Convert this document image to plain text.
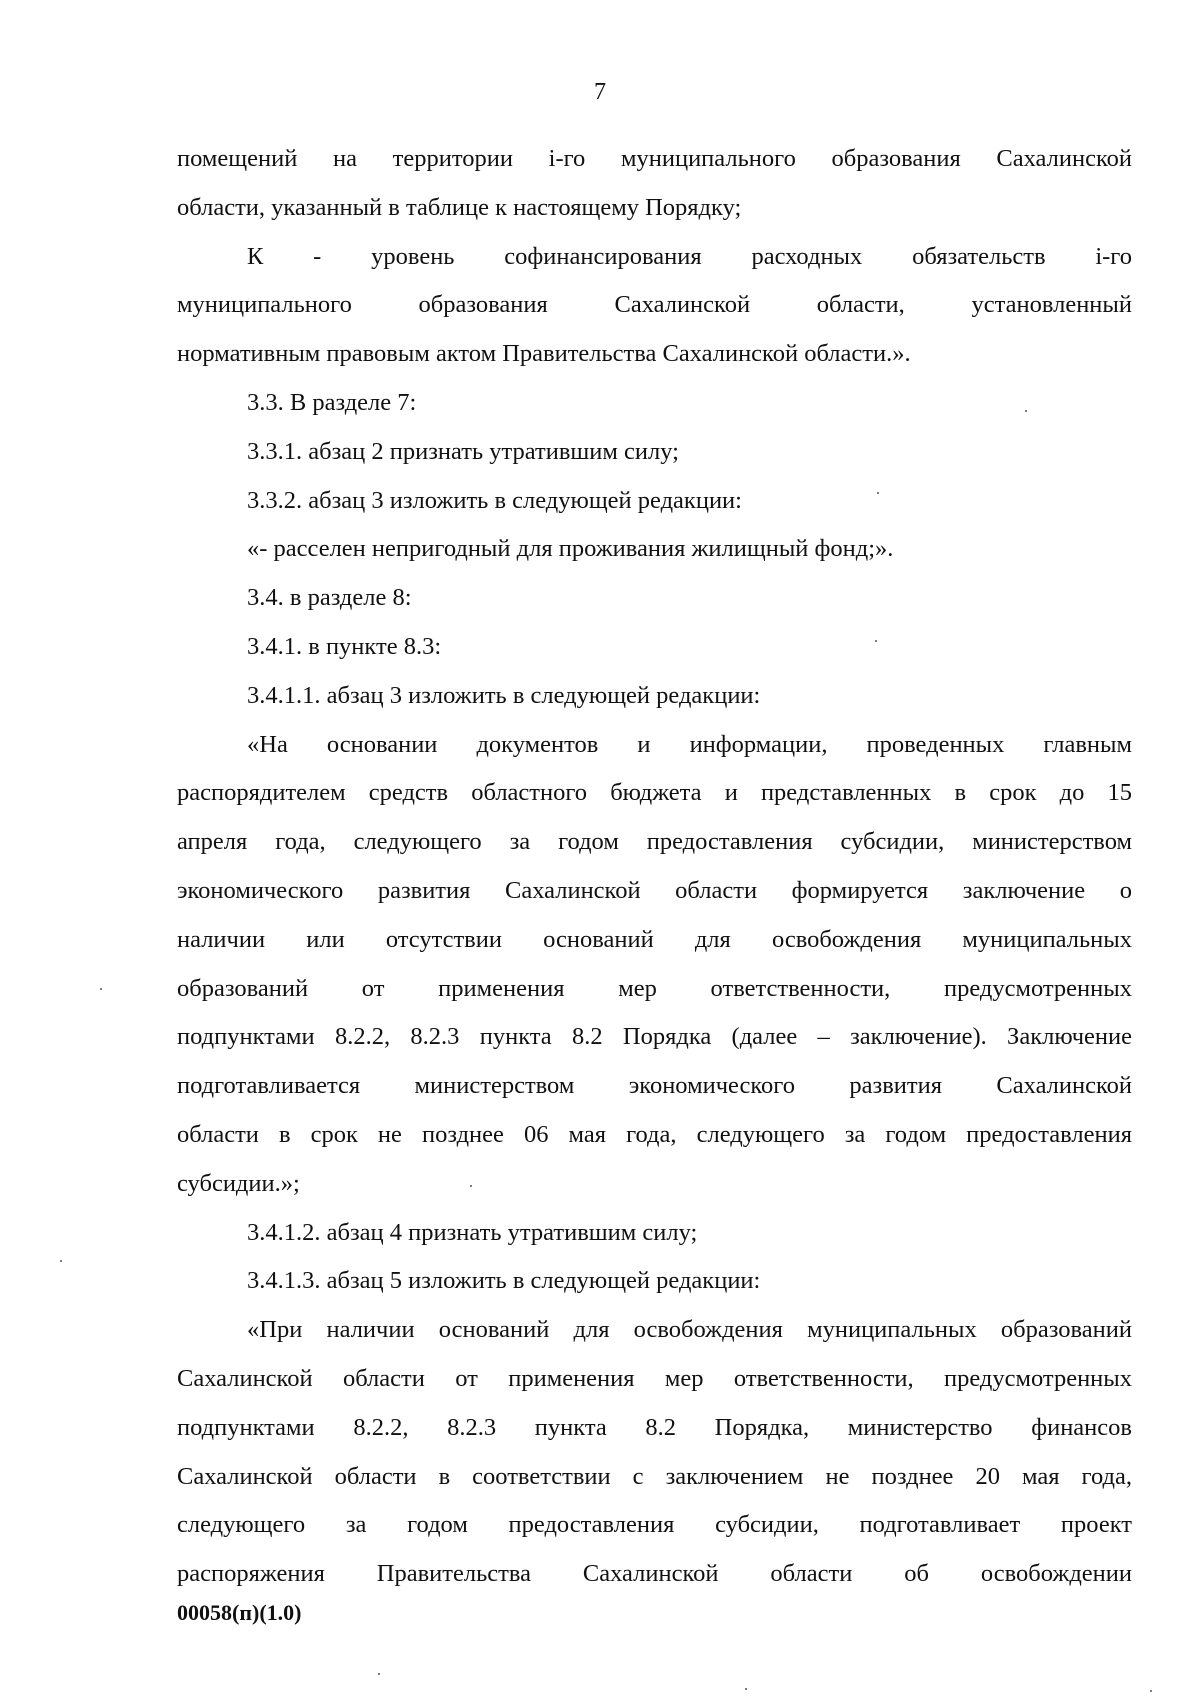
7
помещений на территории i-го муниципального образования Сахалинской
области, указанный в таблице к настоящему Порядку;
К - уровень софинансирования расходных обязательств i-го
муниципального образования Сахалинской области, установленный
нормативным правовым актом Правительства Сахалинской области.».
3.3. В разделе 7:
3.3.1. абзац 2 признать утратившим силу;
3.3.2. абзац 3 изложить в следующей редакции:
«- расселен непригодный для проживания жилищный фонд;».
3.4. в разделе 8:
3.4.1. в пункте 8.3:
3.4.1.1. абзац 3 изложить в следующей редакции:
«На основании документов и информации, проведенных главным
распорядителем средств областного бюджета и представленных в срок до 15
апреля года, следующего за годом предоставления субсидии, министерством
экономического развития Сахалинской области формируется заключение о
наличии или отсутствии оснований для освобождения муниципальных
образований от применения мер ответственности, предусмотренных
подпунктами 8.2.2, 8.2.3 пункта 8.2 Порядка (далее – заключение). Заключение
подготавливается министерством экономического развития Сахалинской
области в срок не позднее 06 мая года, следующего за годом предоставления
субсидии.»;
3.4.1.2. абзац 4 признать утратившим силу;
3.4.1.3. абзац 5 изложить в следующей редакции:
«При наличии оснований для освобождения муниципальных образований
Сахалинской области от применения мер ответственности, предусмотренных
подпунктами 8.2.2, 8.2.3 пункта 8.2 Порядка, министерство финансов
Сахалинской области в соответствии с заключением не позднее 20 мая года,
следующего за годом предоставления субсидии, подготавливает проект
распоряжения Правительства Сахалинской области об освобождении
00058(п)(1.0)
